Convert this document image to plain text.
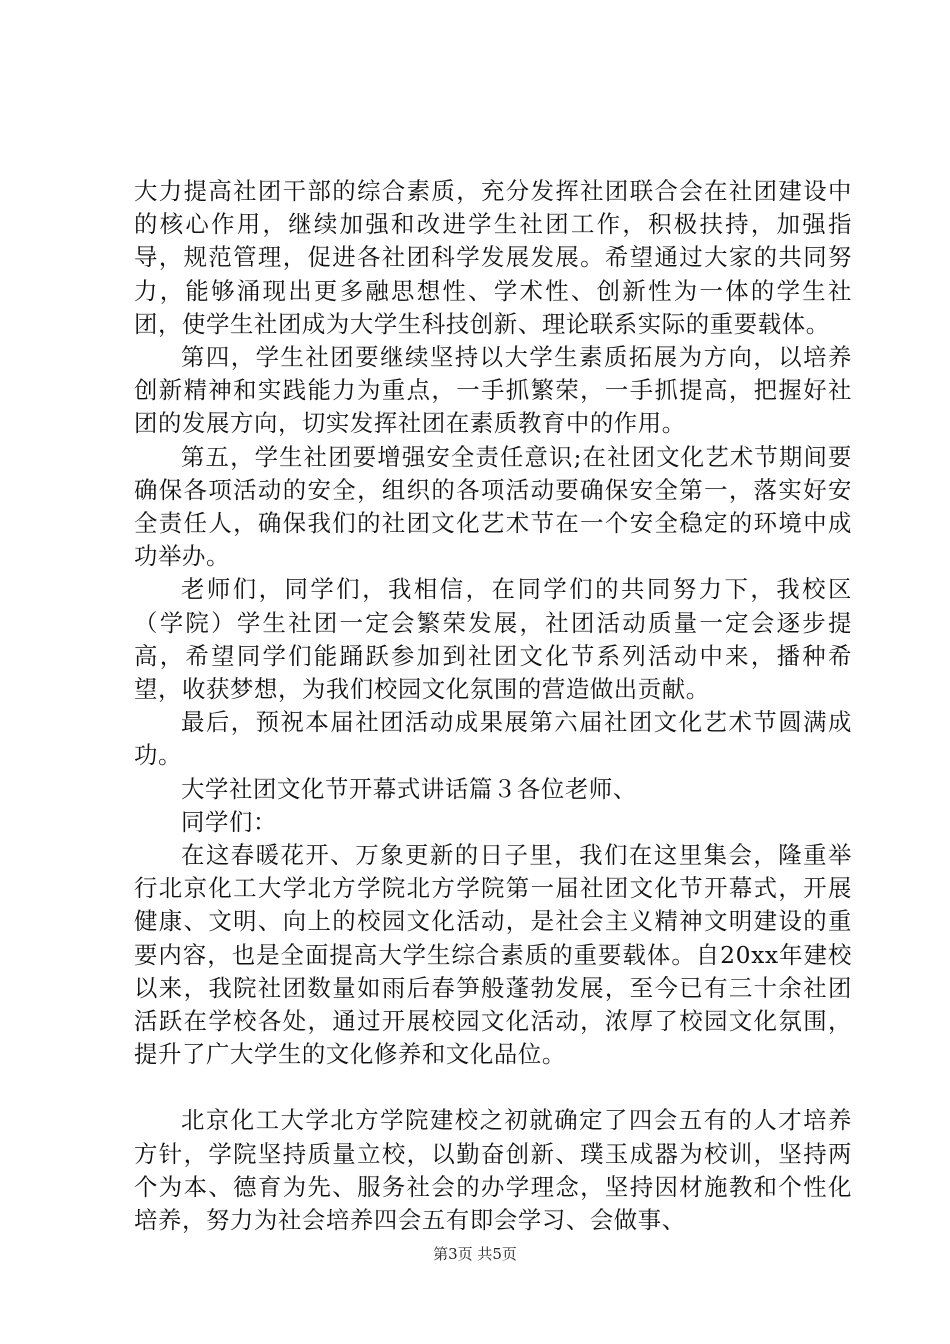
大力提高社团干部的综合素质，充分发挥社团联合会在社团建设中的核心作用，继续加强和改进学生社团工作，积极扶持，加强指导，规范管理，促进各社团科学发展发展。希望通过大家的共同努力，能够涌现出更多融思想性、学术性、创新性为一体的学生社团，使学生社团成为大学生科技创新、理论联系实际的重要载体。

第四，学生社团要继续坚持以大学生素质拓展为方向，以培养创新精神和实践能力为重点，一手抓繁荣，一手抓提高，把握好社团的发展方向，切实发挥社团在素质教育中的作用。

第五，学生社团要增强安全责任意识;在社团文化艺术节期间要确保各项活动的安全，组织的各项活动要确保安全第一，落实好安全责任人，确保我们的社团文化艺术节在一个安全稳定的环境中成功举办。

老师们，同学们，我相信，在同学们的共同努力下，我校区（学院）学生社团一定会繁荣发展，社团活动质量一定会逐步提高，希望同学们能踊跃参加到社团文化节系列活动中来，播种希望，收获梦想，为我们校园文化氛围的营造做出贡献。

最后，预祝本届社团活动成果展第六届社团文化艺术节圆满成功。

大学社团文化节开幕式讲话篇３各位老师、

同学们：

在这春暖花开、万象更新的日子里，我们在这里集会，隆重举行北京化工大学北方学院北方学院第一届社团文化节开幕式，开展健康、文明、向上的校园文化活动，是社会主义精神文明建设的重要内容，也是全面提高大学生综合素质的重要载体。自20xx年建校以来，我院社团数量如雨后春笋般蓬勃发展，至今已有三十余社团活跃在学校各处，通过开展校园文化活动，浓厚了校园文化氛围，提升了广大学生的文化修养和文化品位。

北京化工大学北方学院建校之初就确定了四会五有的人才培养方针，学院坚持质量立校，以勤奋创新、璞玉成器为校训，坚持两个为本、德育为先、服务社会的办学理念，坚持因材施教和个性化培养，努力为社会培养四会五有即会学习、会做事、

第3页 共5页
